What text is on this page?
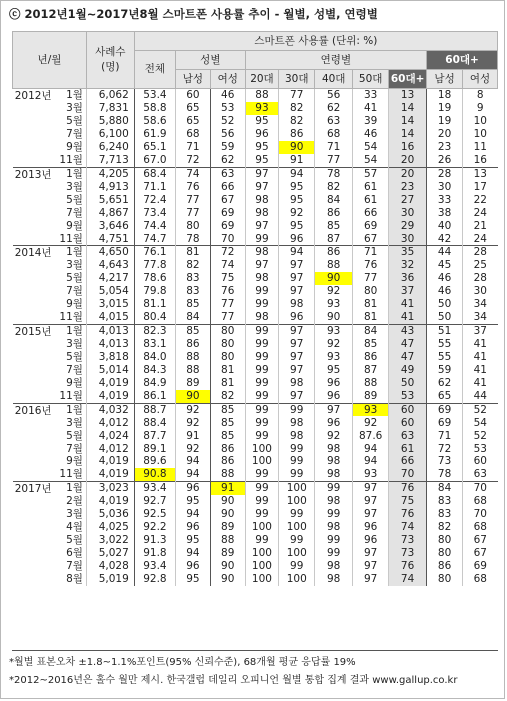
ⓒ 2012년1월~2017년8월 스마트폰 사용률 추이 - 월별, 성별, 연령별
년/월		사례수
(명)	스마트폰 사용률 (단위: %)									
			전체	성별		연령별					60대+	
				남성	여성	20대	30대	40대	50대	60대+	남성	여성
2012년	1월	6,062	53.4	60	46	88	77	56	33	13	18	8
	3월	7,831	58.8	65	53	93	82	62	41	14	19	9
	5월	5,880	58.6	65	52	95	82	63	39	14	19	10
	7월	6,100	61.9	68	56	96	86	68	46	14	20	10
	9월	6,240	65.1	71	59	95	90	71	54	16	23	11
	11월	7,713	67.0	72	62	95	91	77	54	20	26	16
2013년	1월	4,205	68.4	74	63	97	94	78	57	20	28	13
	3월	4,913	71.1	76	66	97	95	82	61	23	30	17
	5월	5,651	72.4	77	67	98	95	84	61	27	33	22
	7월	4,867	73.4	77	69	98	92	86	66	30	38	24
	9월	3,646	74.4	80	69	97	95	85	69	29	40	21
	11월	4,751	74.7	78	70	99	96	87	67	30	42	24
2014년	1월	4,650	76.1	81	72	98	94	86	71	35	44	28
	3월	4,643	77.8	82	74	97	97	88	76	32	45	25
	5월	4,217	78.6	83	75	98	97	90	77	36	46	28
	7월	5,054	79.8	83	76	99	97	92	80	37	46	30
	9월	3,015	81.1	85	77	99	98	93	81	41	50	34
	11월	4,015	80.4	84	77	98	96	90	81	41	50	34
2015년	1월	4,013	82.3	85	80	99	97	93	84	43	51	37
	3월	4,013	83.1	86	80	99	97	92	85	47	55	41
	5월	3,818	84.0	88	80	99	97	93	86	47	55	41
	7월	5,014	84.3	88	81	99	97	95	87	49	59	41
	9월	4,019	84.9	89	81	99	98	96	88	50	62	41
	11월	4,019	86.1	90	82	99	97	96	89	53	65	44
2016년	1월	4,032	88.7	92	85	99	99	97	93	60	69	52
	3월	4,012	88.4	92	85	99	98	96	92	60	69	54
	5월	4,024	87.7	91	85	99	98	92	87.6	63	71	52
	7월	4,012	89.1	92	86	100	99	98	94	61	72	53
	9월	4,019	89.6	94	86	100	99	98	94	66	73	60
	11월	4,019	90.8	94	88	99	99	98	93	70	78	63
2017년	1월	3,023	93.4	96	91	99	100	99	97	76	84	70
	2월	4,019	92.7	95	90	99	100	98	97	75	83	68
	3월	5,036	92.5	94	90	99	99	99	97	76	83	70
	4월	4,025	92.2	96	89	100	100	98	96	74	82	68
	5월	3,022	91.3	95	88	99	99	99	96	73	80	67
	6월	5,027	91.8	94	89	100	100	99	97	73	80	67
	7월	4,028	93.4	96	90	100	99	98	97	76	86	69
	8월	5,019	92.8	95	90	100	100	98	97	74	80	68
*월별 표본오차 ±1.8~1.1%포인트(95% 신뢰수준), 68개월 평균 응답률 19%
*2012~2016년은 홀수 월만 제시. 한국갤럽 데일리 오피니언 월별 통합 집계 결과 www.gallup.co.kr
